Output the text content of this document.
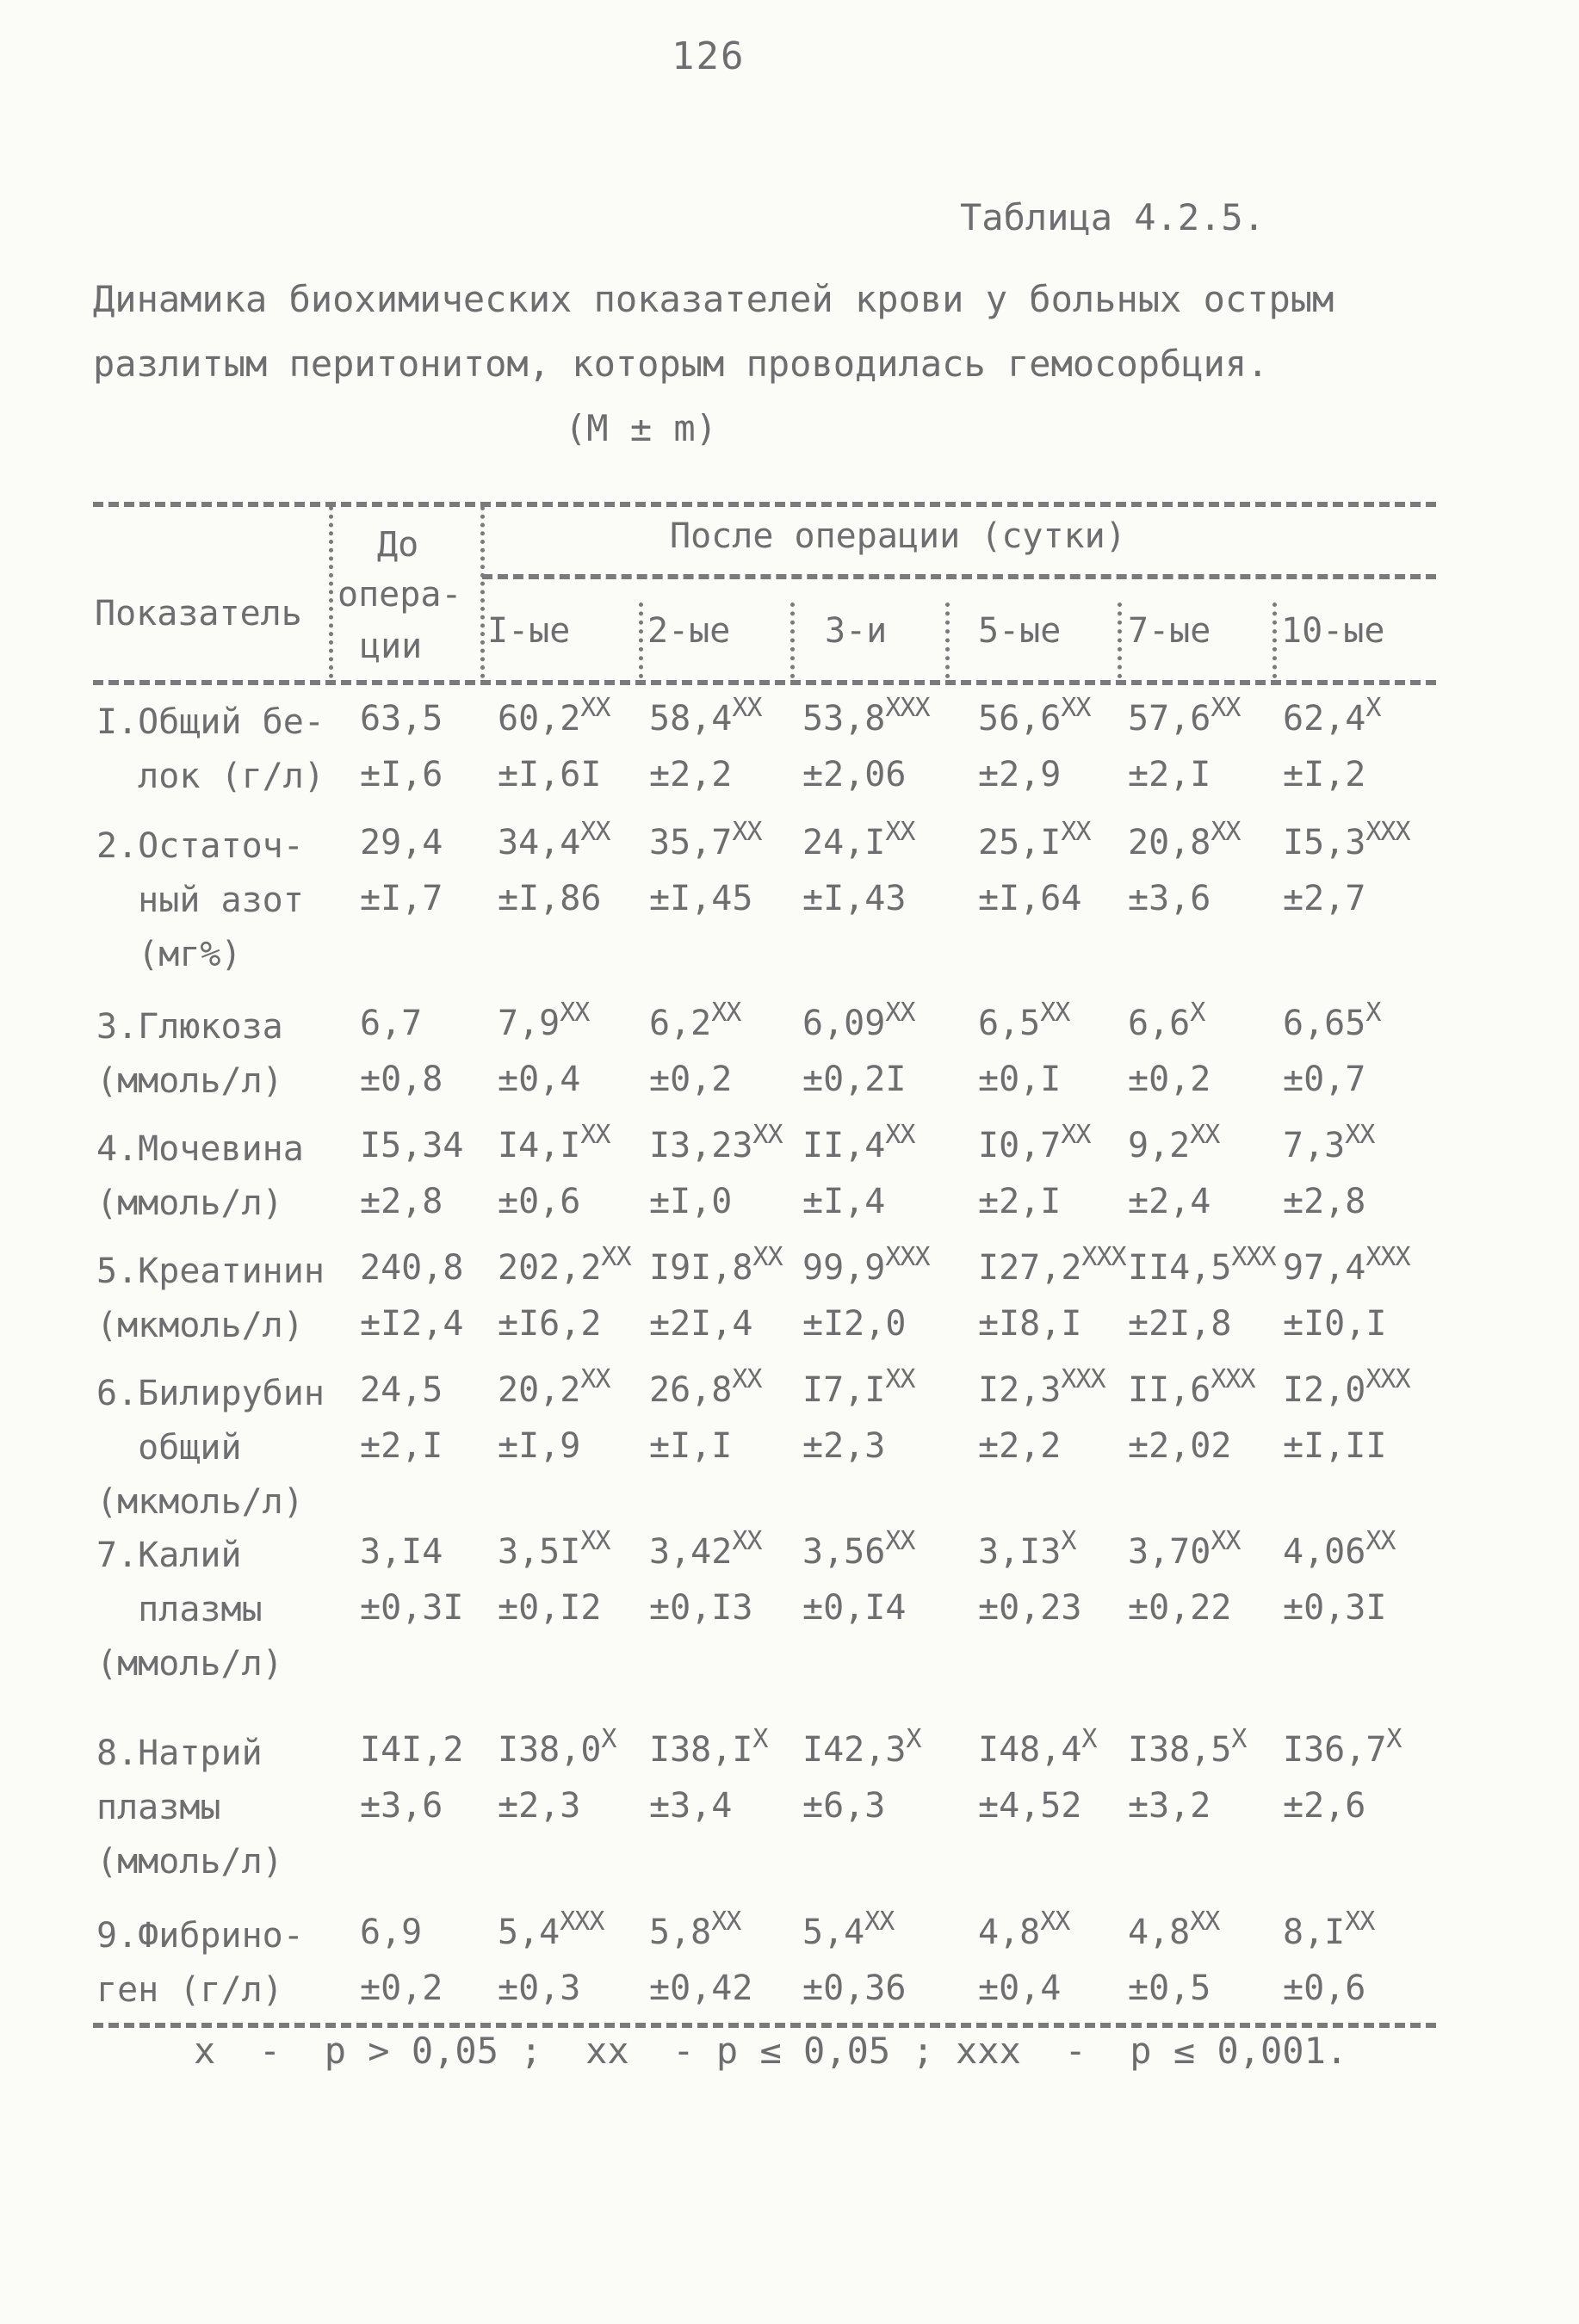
126
Таблица 4.2.5.
Динамика биохимических показателей крови у больных острым
разлитым перитонитом, которым проводилась гемосорбция.
(M ± m)
Показатель
До
опера-
ции
После операции (сутки)
I-ые 2-ые	3-и	5-ые 7-ые 10-ые
I.Общий бе-
лок (г/л)
63,5
±I,6
$60,2^{XX}$
±I,6I
$58,4^{XX}$
±2,2
$53,8^{XXX}$
±2,06
$56,6^{XX}$
±2,9
$57,6^{XX}$
±2,I
$62,4^X$
±I,2
2.Остаточ-
ный азот
(мг%)
29,4
±I,7
$34,4^{XX}$
±I,86
$35,7^{XX}$
±I,45
$24,I^{XX}$
±I,43
$25,I^{XX}$
±I,64
$20,8^{XX}$
±3,6
$I5,3^{XXX}$
±2,7
3.Глюкоза
(ммоль/л)
6,7
±0,8
$7,9^{XX}$
±0,4
$6,2^{XX}$
±0,2
$6,09^{XX}$
±0,2I
$6,5^{XX}$
±0,I
$6,6^X$
±0,2
$6,65^X$
±0,7
4.Мочевина
(ммоль/л)
I5,34
±2,8
$I4,I^{XX}$
±0,6
$I3,23^{XX}$
±I,0
$II,4^{XX}$
±I,4
$I0,7^{XX}$
±2,I
$9,2^{XX}$
±2,4
$7,3^{XX}$
±2,8
5.Креатинин
(мкмоль/л)
240,8
±I2,4
$202,2^{XX}$
±I6,2
$I9I,8^{XX}$
±2I,4
$99,9^{XXX}$
±I2,0
$I27,2^{XXX}$
±I8,I
$II4,5^{XXX}$
±2I,8
$97,4^{XXX}$
±I0,I
6.Билирубин
общий
(мкмоль/л)
24,5
±2,I
$20,2^{XX}$
±I,9
$26,8^{XX}$
±I,I
$I7,I^{XX}$
±2,3
$I2,3^{XXX}$
±2,2
$II,6^{XXX}$
±2,02
$I2,0^{XXX}$
±I,II
7.Калий
плазмы
(ммоль/л)
3,I4
±0,3I
$3,5I^{XX}$
±0,I2
$3,42^{XX}$
±0,I3
$3,56^{XX}$
±0,I4
$3,I3^X$
±0,23
$3,70^{XX}$
±0,22
$4,06^{XX}$
±0,3I
8.Натрий
плазмы
(ммоль/л)
I4I,2
±3,6
$I38,0^X$
±2,3
$I38,I^X$
±3,4
$I42,3^X$
±6,3
$I48,4^X$
±4,52
$I38,5^X$
±3,2
$I36,7^X$
±2,6
9.Фибрино-
ген (г/л)
6,9
±0,2
$5,4^{XXX}$
±0,3
$5,8^{XX}$
±0,42
$5,4^{XX}$
±0,36
$4,8^{XX}$
±0,4
$4,8^{XX}$
±0,5
$8,I^{XX}$
±0,6
x  -  p > 0,05 ;  xx  - p ≤ 0,05 ; xxx  -  p ≤ 0,001.
